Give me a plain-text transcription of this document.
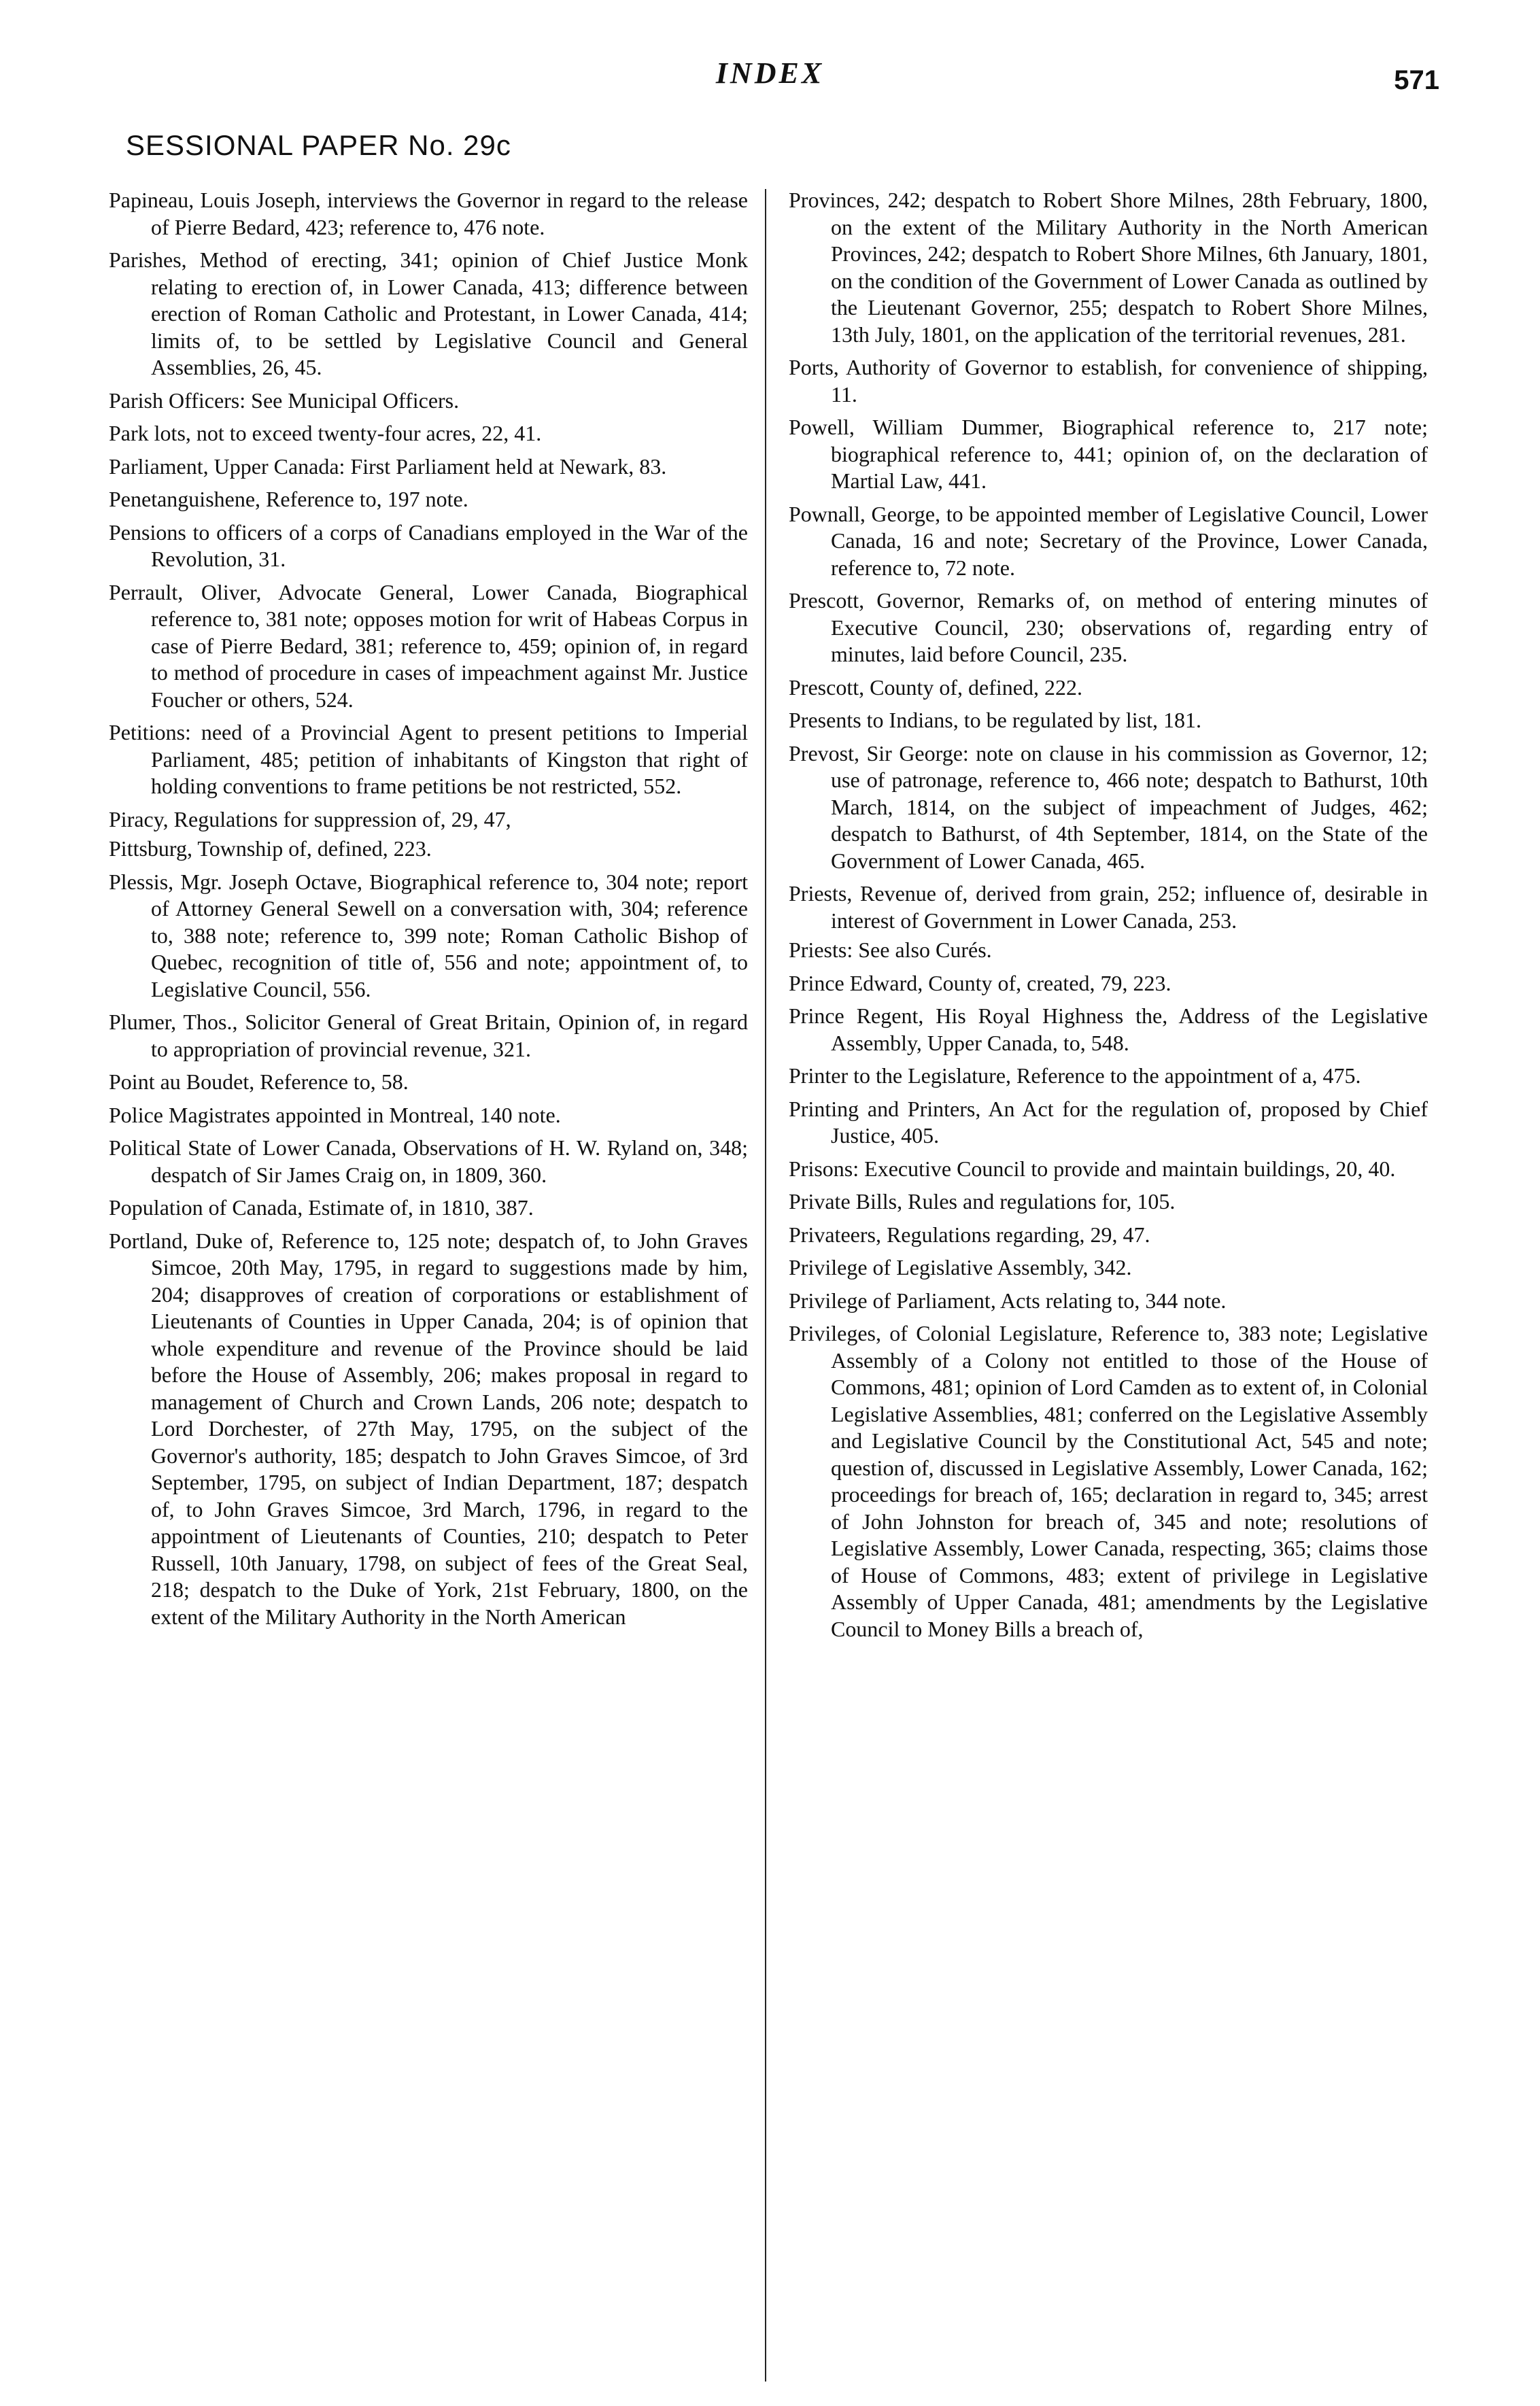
INDEX	571
SESSIONAL PAPER No. 29c

Papineau, Louis Joseph, interviews the Governor in regard to the release of Pierre Bedard, 423; reference to, 476 note.

Parishes, Method of erecting, 341; opinion of Chief Justice Monk relating to erection of, in Lower Canada, 413; difference between erection of Roman Catholic and Protestant, in Lower Canada, 414; limits of, to be settled by Legislative Council and General Assemblies, 26, 45.

Parish Officers: See Municipal Officers.

Park lots, not to exceed twenty-four acres, 22, 41.

Parliament, Upper Canada: First Parliament held at Newark, 83.

Penetanguishene, Reference to, 197 note.

Pensions to officers of a corps of Canadians employed in the War of the Revolution, 31.

Perrault, Oliver, Advocate General, Lower Canada, Biographical reference to, 381 note; opposes motion for writ of Habeas Corpus in case of Pierre Bedard, 381; reference to, 459; opinion of, in regard to method of procedure in cases of impeachment against Mr. Justice Foucher or others, 524.

Petitions: need of a Provincial Agent to present petitions to Imperial Parliament, 485; petition of inhabitants of Kingston that right of holding conventions to frame petitions be not restricted, 552.

Piracy, Regulations for suppression of, 29, 47,

Pittsburg, Township of, defined, 223.

Plessis, Mgr. Joseph Octave, Biographical reference to, 304 note; report of Attorney General Sewell on a conversation with, 304; reference to, 388 note; reference to, 399 note; Roman Catholic Bishop of Quebec, recognition of title of, 556 and note; appointment of, to Legislative Council, 556.

Plumer, Thos., Solicitor General of Great Britain, Opinion of, in regard to appropriation of provincial revenue, 321.

Point au Boudet, Reference to, 58.

Police Magistrates appointed in Montreal, 140 note.

Political State of Lower Canada, Observations of H. W. Ryland on, 348; despatch of Sir James Craig on, in 1809, 360.

Population of Canada, Estimate of, in 1810, 387.

Portland, Duke of, Reference to, 125 note; despatch of, to John Graves Simcoe, 20th May, 1795, in regard to suggestions made by him, 204; disapproves of creation of corporations or establishment of Lieutenants of Counties in Upper Canada, 204; is of opinion that whole expenditure and revenue of the Province should be laid before the House of Assembly, 206; makes proposal in regard to management of Church and Crown Lands, 206 note; despatch to Lord Dorchester, of 27th May, 1795, on the subject of the Governor's authority, 185; despatch to John Graves Simcoe, of 3rd September, 1795, on subject of Indian Department, 187; despatch of, to John Graves Simcoe, 3rd March, 1796, in regard to the appointment of Lieutenants of Counties, 210; despatch to Peter Russell, 10th January, 1798, on subject of fees of the Great Seal, 218; despatch to the Duke of York, 21st February, 1800, on the extent of the Military Authority in the North American

Provinces, 242; despatch to Robert Shore Milnes, 28th February, 1800, on the extent of the Military Authority in the North American Provinces, 242; despatch to Robert Shore Milnes, 6th January, 1801, on the condition of the Government of Lower Canada as outlined by the Lieutenant Governor, 255; despatch to Robert Shore Milnes, 13th July, 1801, on the application of the territorial revenues, 281.

Ports, Authority of Governor to establish, for convenience of shipping, 11.

Powell, William Dummer, Biographical reference to, 217 note; biographical reference to, 441; opinion of, on the declaration of Martial Law, 441.

Pownall, George, to be appointed member of Legislative Council, Lower Canada, 16 and note; Secretary of the Province, Lower Canada, reference to, 72 note.

Prescott, Governor, Remarks of, on method of entering minutes of Executive Council, 230; observations of, regarding entry of minutes, laid before Council, 235.

Prescott, County of, defined, 222.

Presents to Indians, to be regulated by list, 181.

Prevost, Sir George: note on clause in his commission as Governor, 12; use of patronage, reference to, 466 note; despatch to Bathurst, 10th March, 1814, on the subject of impeachment of Judges, 462; despatch to Bathurst, of 4th September, 1814, on the State of the Government of Lower Canada, 465.

Priests, Revenue of, derived from grain, 252; influence of, desirable in interest of Government in Lower Canada, 253.

Priests: See also Curés.

Prince Edward, County of, created, 79, 223.

Prince Regent, His Royal Highness the, Address of the Legislative Assembly, Upper Canada, to, 548.

Printer to the Legislature, Reference to the appointment of a, 475.

Printing and Printers, An Act for the regulation of, proposed by Chief Justice, 405.

Prisons: Executive Council to provide and maintain buildings, 20, 40.

Private Bills, Rules and regulations for, 105.

Privateers, Regulations regarding, 29, 47.

Privilege of Legislative Assembly, 342.

Privilege of Parliament, Acts relating to, 344 note.

Privileges, of Colonial Legislature, Reference to, 383 note; Legislative Assembly of a Colony not entitled to those of the House of Commons, 481; opinion of Lord Camden as to extent of, in Colonial Legislative Assemblies, 481; conferred on the Legislative Assembly and Legislative Council by the Constitutional Act, 545 and note; question of, discussed in Legislative Assembly, Lower Canada, 162; proceedings for breach of, 165; declaration in regard to, 345; arrest of John Johnston for breach of, 345 and note; resolutions of Legislative Assembly, Lower Canada, respecting, 365; claims those of House of Commons, 483; extent of privilege in Legislative Assembly of Upper Canada, 481; amendments by the Legislative Council to Money Bills a breach of,
